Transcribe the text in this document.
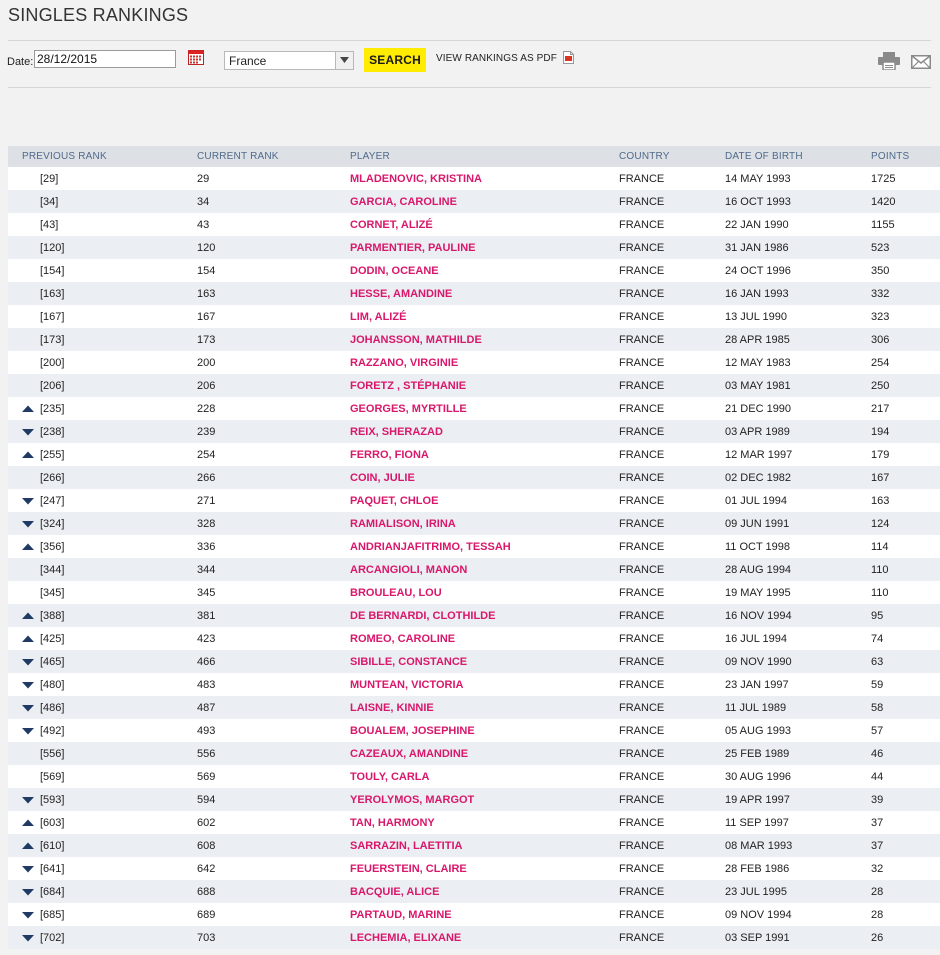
SINGLES RANKINGS
Date:
28/12/2015	France	SEARCH	VIEW RANKINGS AS PDF
PREVIOUS RANK	CURRENT RANK	PLAYER	COUNTRY	DATE OF BIRTH	POINTS
[29]	29	MLADENOVIC, KRISTINA	FRANCE	14 MAY 1993	1725
[34]	34	GARCIA, CAROLINE	FRANCE	16 OCT 1993	1420
[43]	43	CORNET, ALIZÉ	FRANCE	22 JAN 1990	1155
[120]	120	PARMENTIER, PAULINE	FRANCE	31 JAN 1986	523
[154]	154	DODIN, OCEANE	FRANCE	24 OCT 1996	350
[163]	163	HESSE, AMANDINE	FRANCE	16 JAN 1993	332
[167]	167	LIM, ALIZÉ	FRANCE	13 JUL 1990	323
[173]	173	JOHANSSON, MATHILDE	FRANCE	28 APR 1985	306
[200]	200	RAZZANO, VIRGINIE	FRANCE	12 MAY 1983	254
[206]	206	FORETZ , STÉPHANIE	FRANCE	03 MAY 1981	250

[235]	228	GEORGES, MYRTILLE	FRANCE	21 DEC 1990	217

[238]	239	REIX, SHERAZAD	FRANCE	03 APR 1989	194

[255]	254	FERRO, FIONA	FRANCE	12 MAR 1997	179
[266]	266	COIN, JULIE	FRANCE	02 DEC 1982	167

[247]	271	PAQUET, CHLOE	FRANCE	01 JUL 1994	163

[324]	328	RAMIALISON, IRINA	FRANCE	09 JUN 1991	124

[356]	336	ANDRIANJAFITRIMO, TESSAH	FRANCE	11 OCT 1998	114
[344]	344	ARCANGIOLI, MANON	FRANCE	28 AUG 1994	110
[345]	345	BROULEAU, LOU	FRANCE	19 MAY 1995	110

[388]	381	DE BERNARDI, CLOTHILDE	FRANCE	16 NOV 1994	95

[425]	423	ROMEO, CAROLINE	FRANCE	16 JUL 1994	74

[465]	466	SIBILLE, CONSTANCE	FRANCE	09 NOV 1990	63

[480]	483	MUNTEAN, VICTORIA	FRANCE	23 JAN 1997	59

[486]	487	LAISNE, KINNIE	FRANCE	11 JUL 1989	58

[492]	493	BOUALEM, JOSEPHINE	FRANCE	05 AUG 1993	57
[556]	556	CAZEAUX, AMANDINE	FRANCE	25 FEB 1989	46
[569]	569	TOULY, CARLA	FRANCE	30 AUG 1996	44

[593]	594	YEROLYMOS, MARGOT	FRANCE	19 APR 1997	39

[603]	602	TAN, HARMONY	FRANCE	11 SEP 1997	37

[610]	608	SARRAZIN, LAETITIA	FRANCE	08 MAR 1993	37

[641]	642	FEUERSTEIN, CLAIRE	FRANCE	28 FEB 1986	32

[684]	688	BACQUIE, ALICE	FRANCE	23 JUL 1995	28

[685]	689	PARTAUD, MARINE	FRANCE	09 NOV 1994	28

[702]	703	LECHEMIA, ELIXANE	FRANCE	03 SEP 1991	26
